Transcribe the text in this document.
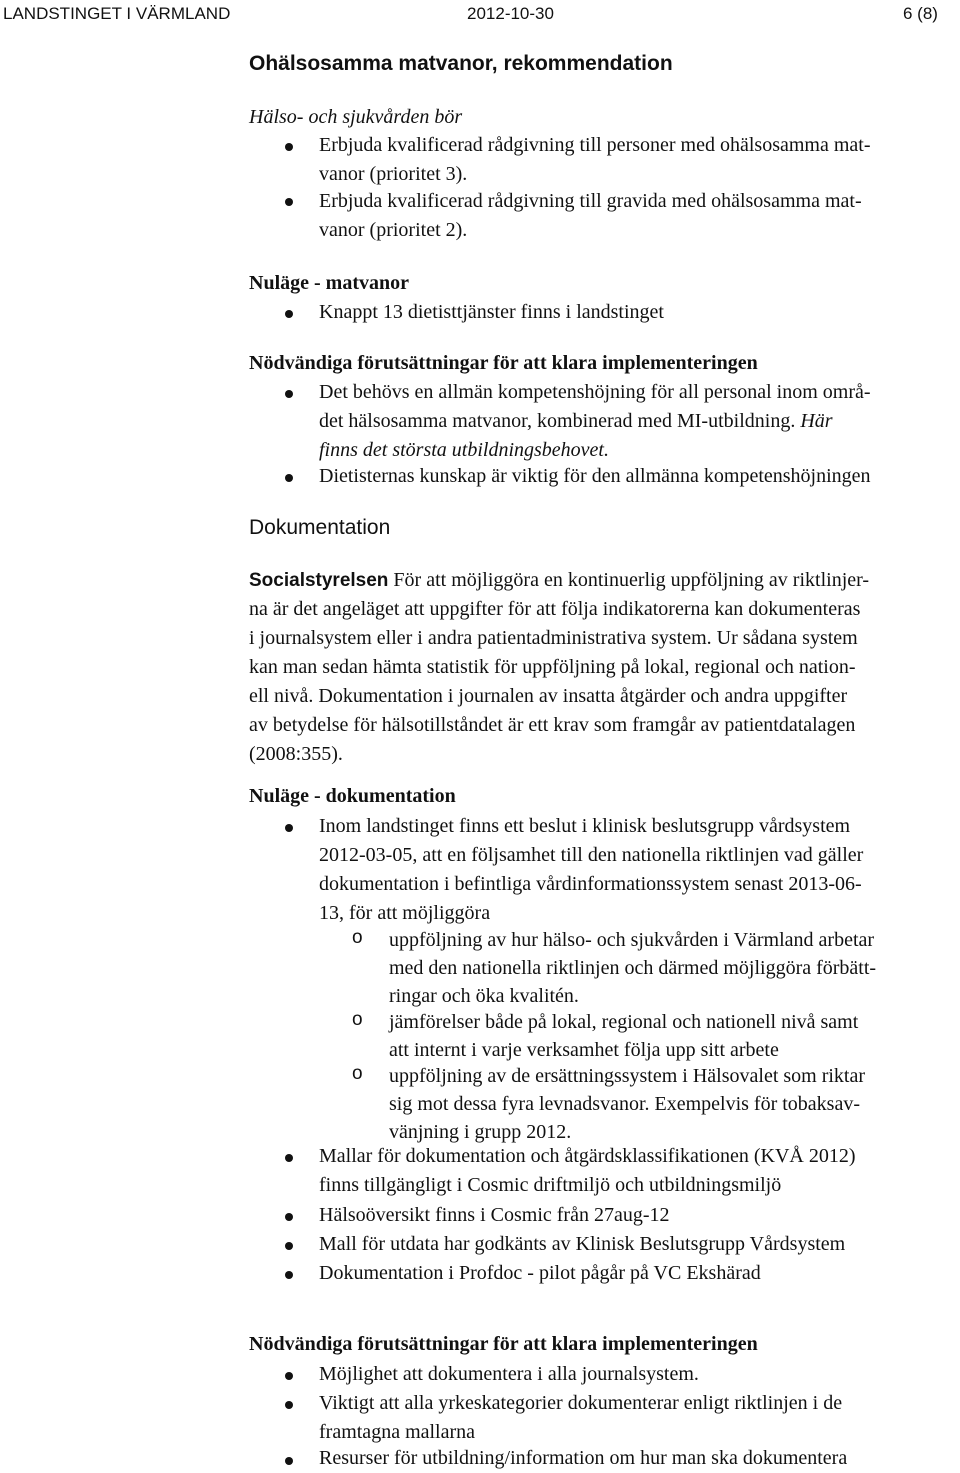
LANDSTINGET I VÄRMLAND	2012-10-30	6 (8)
Ohälsosamma matvanor, rekommendation
Hälso- och sjukvården bör
Erbjuda kvalificerad rådgivning till personer med ohälsosamma mat-
vanor (prioritet 3).
Erbjuda kvalificerad rådgivning till gravida med ohälsosamma mat-
vanor (prioritet 2).
Nuläge - matvanor
Knappt 13 dietisttjänster finns i landstinget
Nödvändiga förutsättningar för att klara implementeringen
Det behövs en allmän kompetenshöjning för all personal inom områ-
det hälsosamma matvanor, kombinerad med MI-utbildning. Här
finns det största utbildningsbehovet.
Dietisternas kunskap är viktig för den allmänna kompetenshöjningen
Dokumentation
Socialstyrelsen För att möjliggöra en kontinuerlig uppföljning av riktlinjer-
na är det angeläget att uppgifter för att följa indikatorerna kan dokumenteras
i journalsystem eller i andra patientadministrativa system. Ur sådana system
kan man sedan hämta statistik för uppföljning på lokal, regional och nation-
ell nivå. Dokumentation i journalen av insatta åtgärder och andra uppgifter
av betydelse för hälsotillståndet är ett krav som framgår av patientdatalagen
(2008:355).
Nuläge - dokumentation
Inom landstinget finns ett beslut i klinisk beslutsgrupp vårdsystem
2012-03-05, att en följsamhet till den nationella riktlinjen vad gäller
dokumentation i befintliga vårdinformationssystem senast 2013-06-
13, för att möjliggöra
o uppföljning av hur hälso- och sjukvården i Värmland arbetar
med den nationella riktlinjen och därmed möjliggöra förbätt-
ringar och öka kvalitén.
o jämförelser både på lokal, regional och nationell nivå samt
att internt i varje verksamhet följa upp sitt arbete
o uppföljning av de ersättningssystem i Hälsovalet som riktar
sig mot dessa fyra levnadsvanor. Exempelvis för tobaksav-
vänjning i grupp 2012.
Mallar för dokumentation och åtgärdsklassifikationen (KVÅ 2012)
finns tillgängligt i Cosmic driftmiljö och utbildningsmiljö
Hälsoöversikt finns i Cosmic från 27aug-12
Mall för utdata har godkänts av Klinisk Beslutsgrupp Vårdsystem
Dokumentation i Profdoc - pilot pågår på VC Ekshärad
Nödvändiga förutsättningar för att klara implementeringen
Möjlighet att dokumentera i alla journalsystem.
Viktigt att alla yrkeskategorier dokumenterar enligt riktlinjen i de
framtagna mallarna
Resurser för utbildning/information om hur man ska dokumentera
